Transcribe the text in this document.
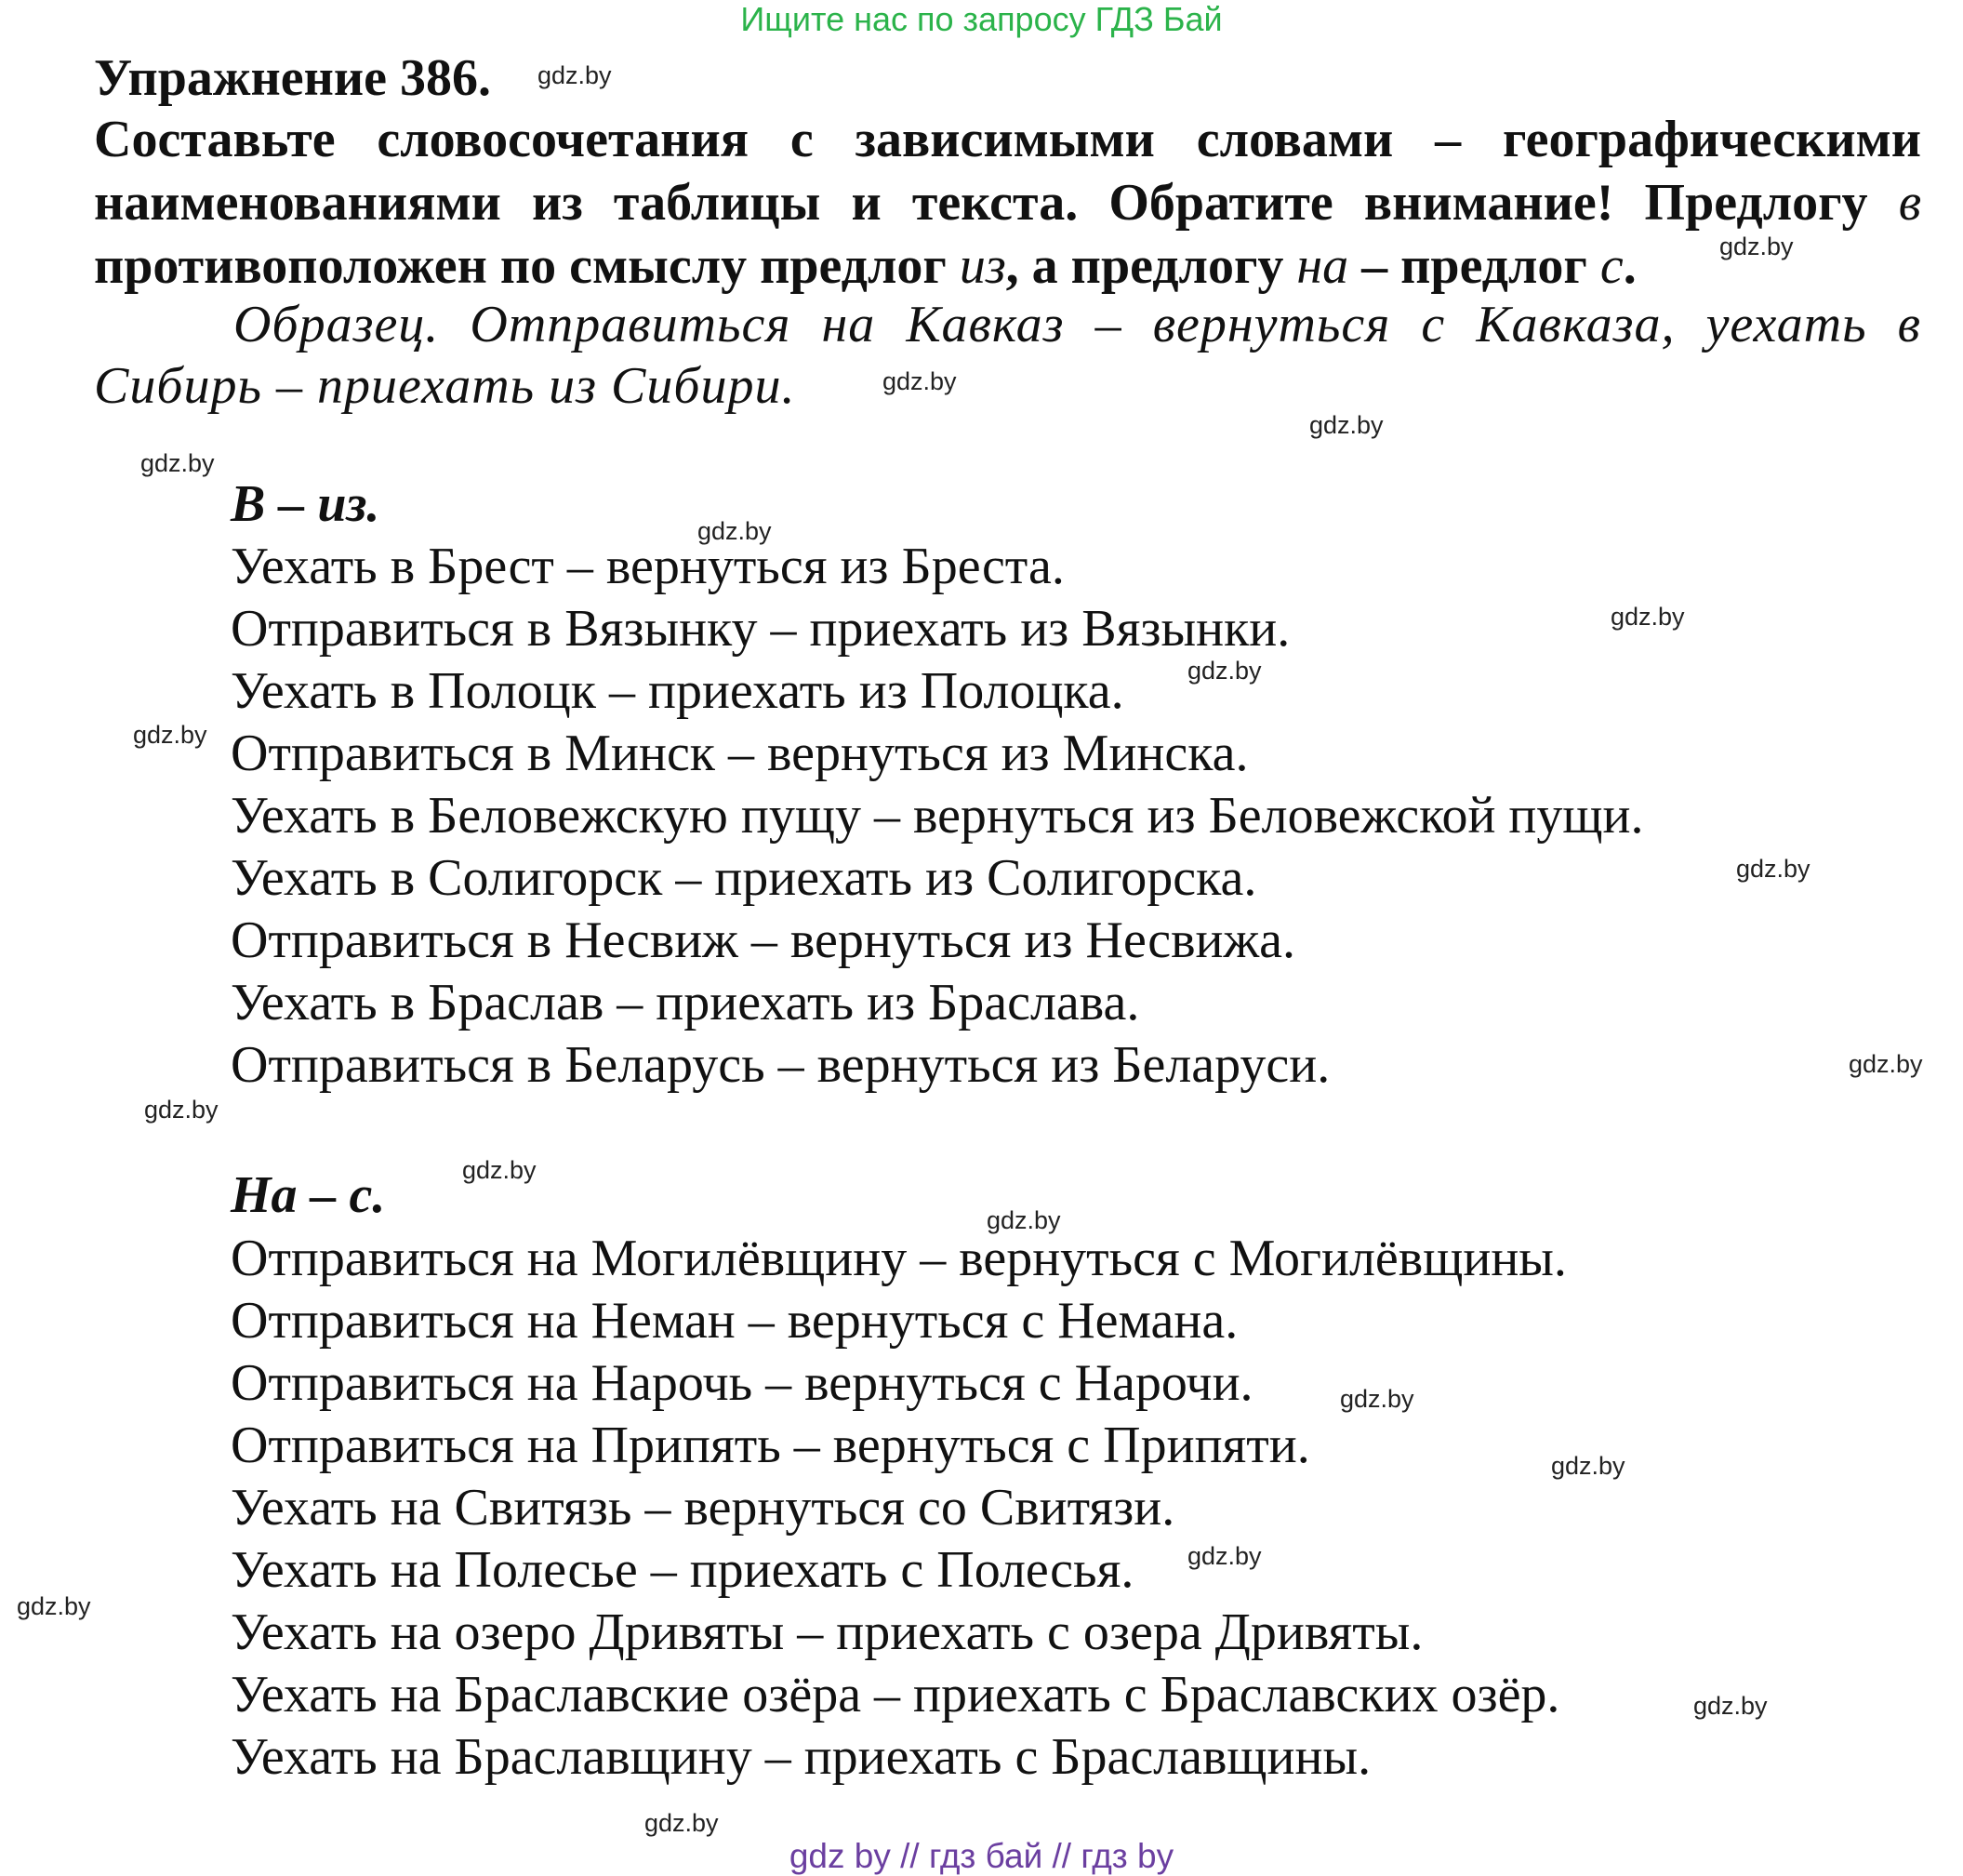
Ищите нас по запросу ГДЗ Бай
Упражнение 386.
Составьте словосочетания с зависимыми словами – географическими наименованиями из таблицы и текста. Обратите внимание! Предлогу в противоположен по смыслу предлог из, а предлогу на – предлог с.
Образец. Отправиться на Кавказ – вернуться с Кавказа, уехать в Сибирь – приехать из Сибири.
В – из.
Уехать в Брест – вернуться из Бреста.
Отправиться в Вязынку – приехать из Вязынки.
Уехать в Полоцк – приехать из Полоцка.
Отправиться в Минск – вернуться из Минска.
Уехать в Беловежскую пущу – вернуться из Беловежской пущи.
Уехать в Солигорск – приехать из Солигорска.
Отправиться в Несвиж – вернуться из Несвижа.
Уехать в Браслав – приехать из Браслава.
Отправиться в Беларусь – вернуться из Беларуси.
На – с.
Отправиться на Могилёвщину – вернуться с Могилёвщины.
Отправиться на Неман – вернуться с Немана.
Отправиться на Нарочь – вернуться с Нарочи.
Отправиться на Припять – вернуться с Припяти.
Уехать на Свитязь – вернуться со Свитязи.
Уехать на Полесье – приехать с Полесья.
Уехать на озеро Дривяты – приехать с озера Дривяты.
Уехать на Браславские озёра – приехать с Браславских озёр.
Уехать на Браславщину – приехать с Браславщины.
gdz.by
gdz.by
gdz.by
gdz.by
gdz.by
gdz.by
gdz.by
gdz.by
gdz.by
gdz.by
gdz.by
gdz.by
gdz.by
gdz.by
gdz.by
gdz.by
gdz.by
gdz.by
gdz.by
gdz.by
gdz by // гдз бай // гдз by
